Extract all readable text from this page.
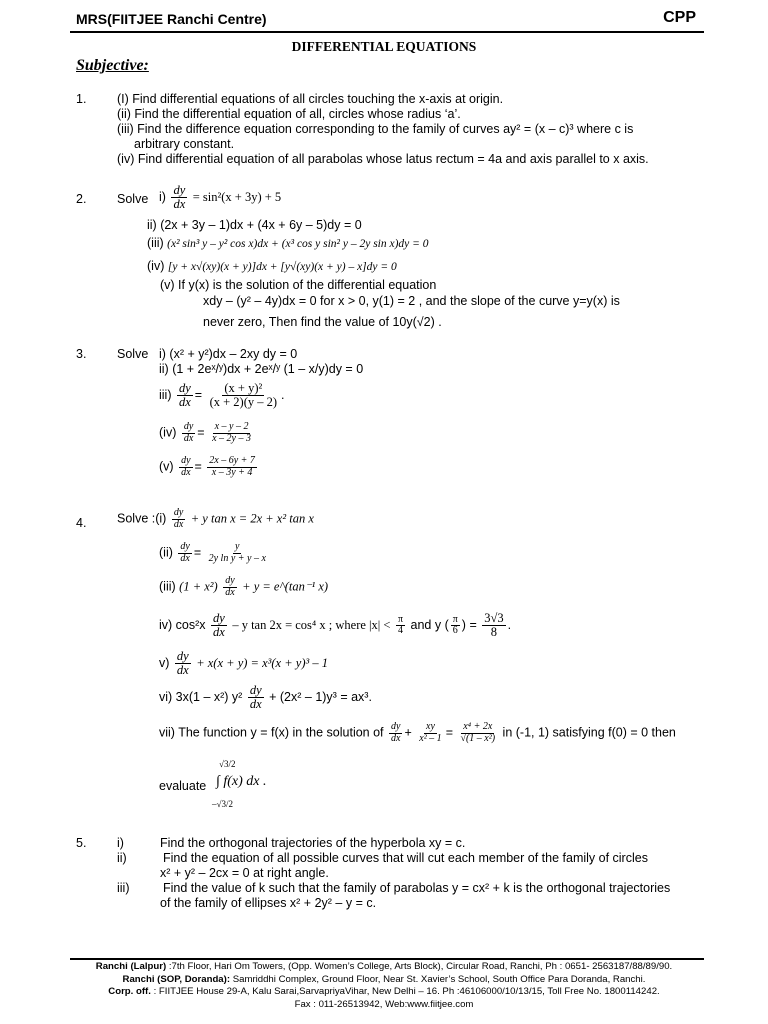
MRS(FIITJEE Ranchi Centre)	CPP
DIFFERENTIAL EQUATIONS
Subjective:
1. (I) Find differential equations of all circles touching the x-axis at origin.
(ii) Find the differential equation of all, circles whose radius ‘a’.
(iii) Find the difference equation corresponding to the family of curves ay² = (x – c)³ where c is
arbitrary constant.
(iv) Find differential equation of all parabolas whose latus rectum = 4a and axis parallel to x axis.
2. Solve $i) \frac{dy}{dx} = \sin^2(x + 3y) + 5$
ii) (2x + 3y – 1)dx + (4x + 6y – 5)dy = 0
(iii) (x² sin³ y – y² cos x)dx + (x³ cos y sin² y – 2y sin x)dy = 0
(iv) [y + x√(xy)(x + y)]dx + [y√(xy)(x + y) – x]dy = 0
(v) If y(x) is the solution of the differential equation
xdy – (y² – 4y)dx = 0 for x > 0, y(1) = 2 , and the slope of the curve y=y(x) is
never zero, Then find the value of 10y(√2) .
3. Solve i) (x² + y²)dx – 2xy dy = 0
ii) (1 + 2eˣ/ʸ)dx + 2eˣ/ʸ (1 – x/y)dy = 0
$iii) \frac{dy}{dx} = \frac{\text{(x + y)²}}{(x + 2)(y - 2)}$ .
$(iv) \frac{dy}{dx} = \frac{x - y - 2}{x - 2y - 3}$
$(v) \frac{dy}{dx} = \frac{2x - 6y + 7}{x - 3y + 4}$
4. Solve :(i) $\frac{dy}{dx} + y$ tan x = 2x + x² tan x
$(ii) \frac{dy}{dx} = \frac{y}{\text{2y ln y + y – x}}$
(iii) $(1 + x^2) \frac{dy}{dx} + y$ = e^(tan⁻¹ x)
iv) $\cos^2x \frac{dy}{dx}$ – y tan 2x = cos⁴ x ; where $|x| < \frac{\pi}{4}$ and y ( $\frac{\pi}{6}$ ) = $\frac{3√3}{8}$ .
$v) \frac{dy}{dx} + x(x + y) = x^3(x + y)^3 - 1$
vi) 3x(1 – x²) $y^2 \frac{dy}{dx} + (2x^2 - 1)y^3 = ax^3$.
vii) The function y = f(x) in the solution of $\frac{dy}{dx} + \frac{xy}{\text{x² – 1}} = \frac{\text{x⁴ + 2x}}{\text{√(1 – x²)}}$ in (-1, 1) satisfying f(0) = 0 then
evaluate
√3/2
∫ f(x) dx .
–√3/2
5. i)	Find the orthogonal trajectories of the hyperbola xy = c.
ii)	Find the equation of all possible curves that will cut each member of the family of circles
x² + y² – 2cx = 0 at right angle.
iii)	Find the value of k such that the family of parabolas y = cx² + k is the orthogonal trajectories
of the family of ellipses x² + 2y² – y = c.
Ranchi (Lalpur) :7th Floor, Hari Om Towers, (Opp. Women’s College, Arts Block), Circular Road, Ranchi, Ph : 0651- 2563187/88/89/90.
Ranchi (SOP, Doranda): Samriddhi Complex, Ground Floor, Near St. Xavier’s School, South Office Para Doranda, Ranchi.
Corp. off. : FIITJEE House 29-A, Kalu Sarai,SarvapriyaVihar, New Delhi – 16. Ph :46106000/10/13/15, Toll Free No. 1800114242.
Fax : 011-26513942, Web:www.fiitjee.com
